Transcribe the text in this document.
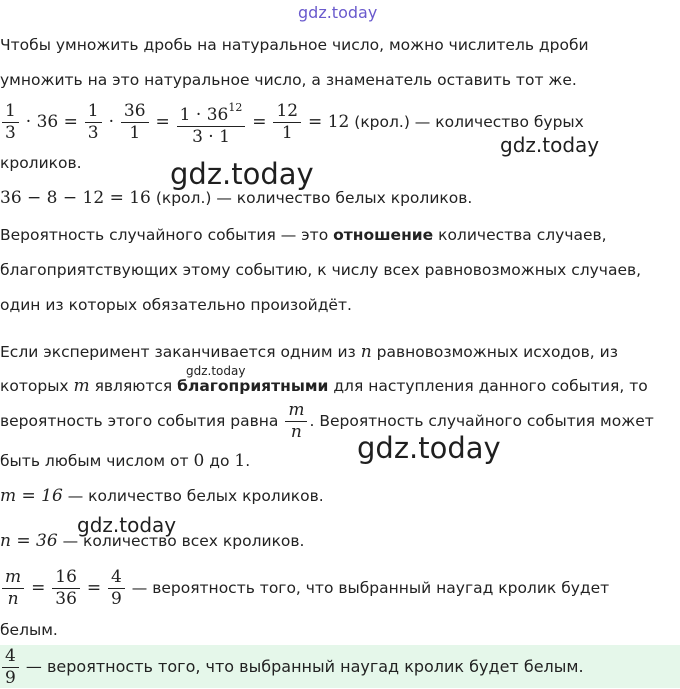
gdz.today
gdz.today
gdz.today
gdz.today
gdz.today
gdz.today
Чтобы умножить дробь на натуральное число, можно числитель дроби
умножить на это натуральное число, а знаменатель оставить тот же.
$\frac{1}{3} \cdot 36 = \frac{1}{3} \cdot \frac{36}{1} = \frac{1 \cdot 36^{12}}{3 \cdot 1} = \frac{12}{1} = 12$ (крол.) — количество бурых
кроликов.
36 − 8 − 12 = 16 (крол.) — количество белых кроликов.
Вероятность случайного события — это отношение количества случаев,
благоприятствующих этому событию, к числу всех равновозможных случаев,
один из которых обязательно произойдёт.
Если эксперимент заканчивается одним из n равновозможных исходов, из
которых m являются благоприятными для наступления данного события, то
вероятность этого события равна $\frac{m}{n}$ . Вероятность случайного события может
быть любым числом от 0 до 1.
m = 16 — количество белых кроликов.
n = 36 — количество всех кроликов.
$\frac{m}{n} = \frac{16}{36} = \frac{4}{9}$ — вероятность того, что выбранный наугад кролик будет
белым.
$\frac{4}{9}$ — вероятность того, что выбранный наугад кролик будет белым.
